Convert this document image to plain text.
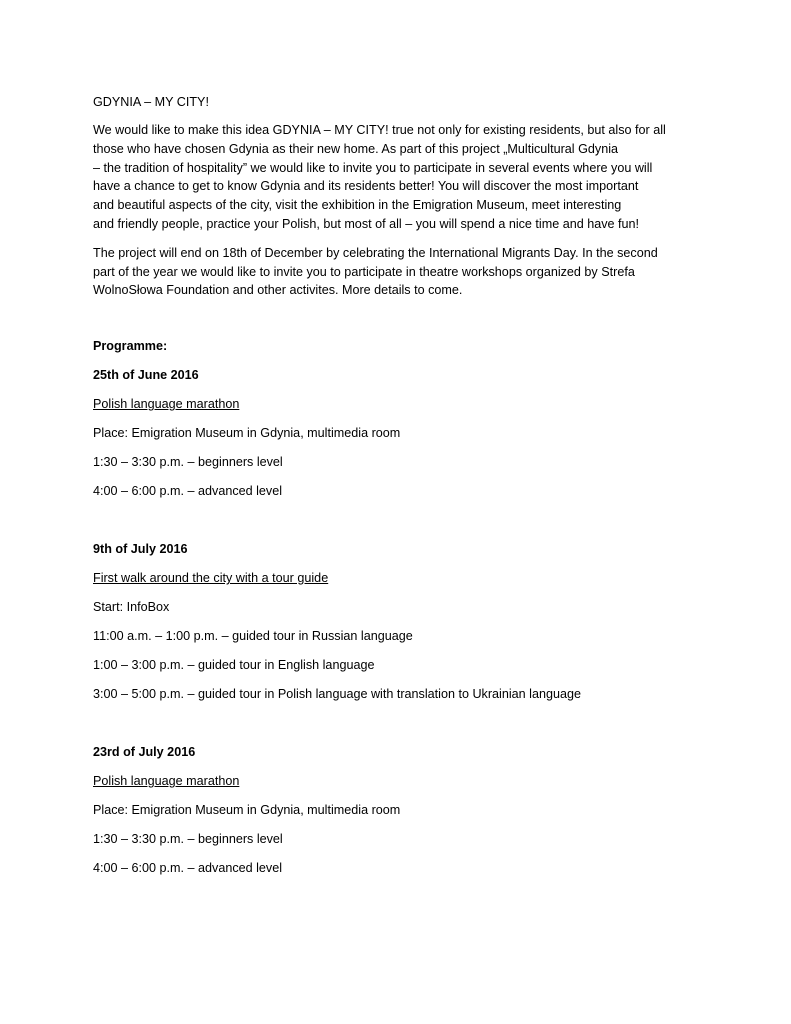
GDYNIA – MY CITY!
We would like to make this idea GDYNIA – MY CITY! true not only for existing residents, but also for all
those who have chosen Gdynia as their new home. As part of this project „Multicultural Gdynia
– the tradition of hospitality” we would like to invite you to participate in several events where you will
have a chance to get to know Gdynia and its residents better! You will discover the most important
and beautiful aspects of the city, visit the exhibition in the Emigration Museum, meet interesting
and friendly people, practice your Polish, but most of all – you will spend a nice time and have fun!
The project will end on 18th of December by celebrating the International Migrants Day. In the second
part of the year we would like to invite you to participate in theatre workshops organized by Strefa
WolnoSłowa Foundation and other activites. More details to come.
Programme:
25th of June 2016
Polish language marathon
Place: Emigration Museum in Gdynia, multimedia room
1:30 – 3:30 p.m. – beginners level
4:00 – 6:00 p.m. – advanced level
9th of July 2016
First walk around the city with a tour guide
Start: InfoBox
11:00 a.m. – 1:00 p.m. – guided tour in Russian language
1:00 – 3:00 p.m. – guided tour in English language
3:00 – 5:00 p.m. – guided tour in Polish language with translation to Ukrainian language
23rd of July 2016
Polish language marathon
Place: Emigration Museum in Gdynia, multimedia room
1:30 – 3:30 p.m. – beginners level
4:00 – 6:00 p.m. – advanced level
